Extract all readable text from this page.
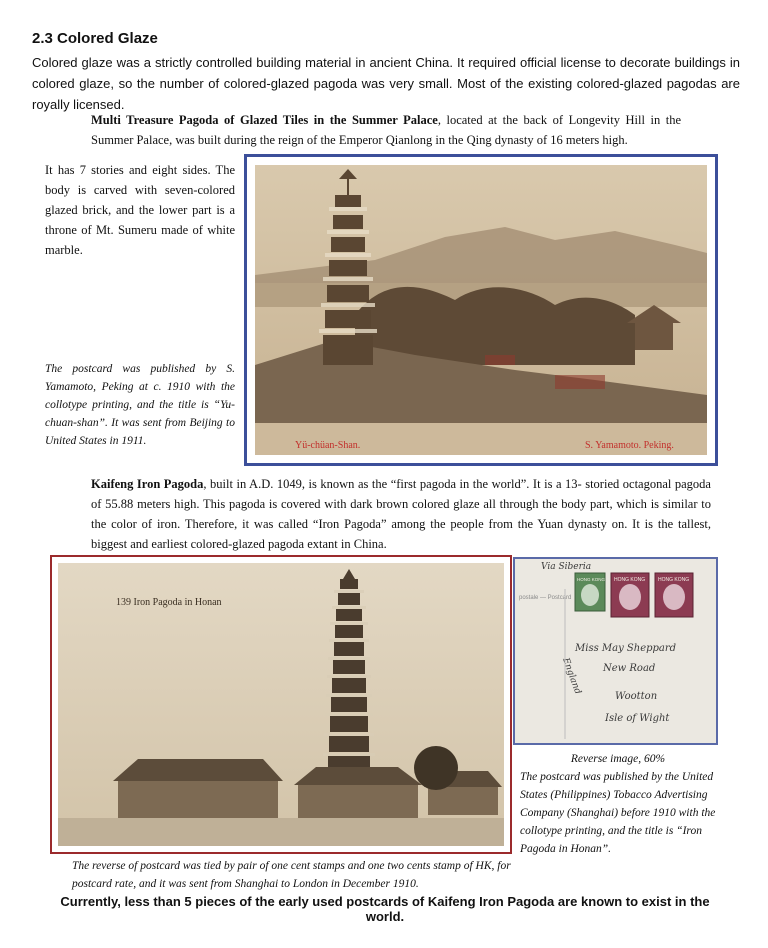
2.3 Colored Glaze
Colored glaze was a strictly controlled building material in ancient China. It required official license to decorate buildings in colored glaze, so the number of colored-glazed pagoda was very small. Most of the existing colored-glazed pagodas are royally licensed.
Multi Treasure Pagoda of Glazed Tiles in the Summer Palace, located at the back of Longevity Hill in the Summer Palace, was built during the reign of the Emperor Qianlong in the Qing dynasty of 16 meters high.
It has 7 stories and eight sides. The body is carved with seven-colored glazed brick, and the lower part is a throne of Mt. Sumeru made of white marble.
The postcard was published by S. Yamamoto, Peking at c. 1910 with the collotype printing, and the title is “Yu-chuan-shan”. It was sent from Beijing to United States in 1911.	Yü-chüan-Shan.	S. Yamamoto. Peking.
Kaifeng Iron Pagoda, built in A.D. 1049, is known as the “first pagoda in the world”. It is a 13- storied octagonal pagoda of 55.88 meters high. This pagoda is covered with dark brown colored glaze all through the body part, which is similar to the color of iron. Therefore, it was called “Iron Pagoda” among the people from the Yuan dynasty on. It is the tallest, biggest and earliest colored-glazed pagoda extant in China.
139 Iron Pagoda in Honan	postale — Postcard
HONG KONG HONG KONG	HONG KONG
Via Siberia
Miss May Sheppard
New Road
Wootton
Isle of Wight
England
Reverse image, 60%
The postcard was published by the United States (Philippines) Tobacco Advertising Company (Shanghai) before 1910 with the collotype printing, and the title is “Iron Pagoda in Honan”.
The reverse of postcard was tied by pair of one cent stamps and one two cents stamp of HK, for postcard rate, and it was sent from Shanghai to London in December 1910.
Currently, less than 5 pieces of the early used postcards of Kaifeng Iron Pagoda are known to exist in the world.
